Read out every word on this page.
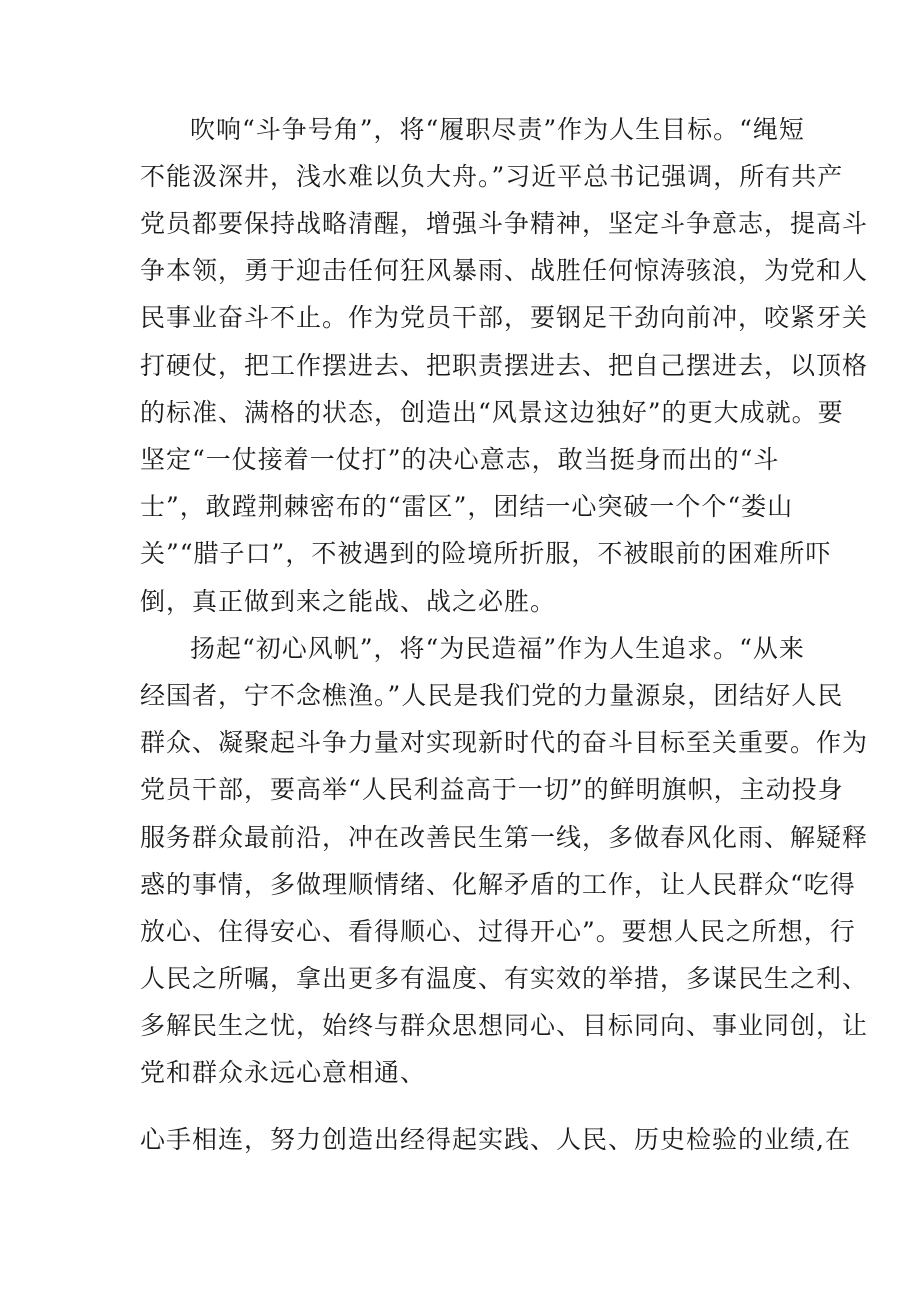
吹响“斗争号角”，将“履职尽责”作为人生目标。“绳短
不能汲深井，浅水难以负大舟。”习近平总书记强调，所有共产
党员都要保持战略清醒，增强斗争精神，坚定斗争意志，提高斗
争本领，勇于迎击任何狂风暴雨、战胜任何惊涛骇浪，为党和人
民事业奋斗不止。作为党员干部，要钢足干劲向前冲，咬紧牙关
打硬仗，把工作摆进去、把职责摆进去、把自己摆进去，以顶格
的标准、满格的状态，创造出“风景这边独好”的更大成就。要
坚定“一仗接着一仗打”的决心意志，敢当挺身而出的“斗
士”，敢蹚荆棘密布的“雷区”，团结一心突破一个个“娄山
关”“腊子口”，不被遇到的险境所折服，不被眼前的困难所吓
倒，真正做到来之能战、战之必胜。
扬起“初心风帆”，将“为民造福”作为人生追求。“从来
经国者，宁不念樵渔。”人民是我们党的力量源泉，团结好人民
群众、凝聚起斗争力量对实现新时代的奋斗目标至关重要。作为
党员干部，要高举“人民利益高于一切”的鲜明旗帜，主动投身
服务群众最前沿，冲在改善民生第一线，多做春风化雨、解疑释
惑的事情，多做理顺情绪、化解矛盾的工作，让人民群众“吃得
放心、住得安心、看得顺心、过得开心”。要想人民之所想，行
人民之所嘱，拿出更多有温度、有实效的举措，多谋民生之利、
多解民生之忧，始终与群众思想同心、目标同向、事业同创，让
党和群众永远心意相通、
心手相连，努力创造出经得起实践、人民、历史检验的业绩,在
